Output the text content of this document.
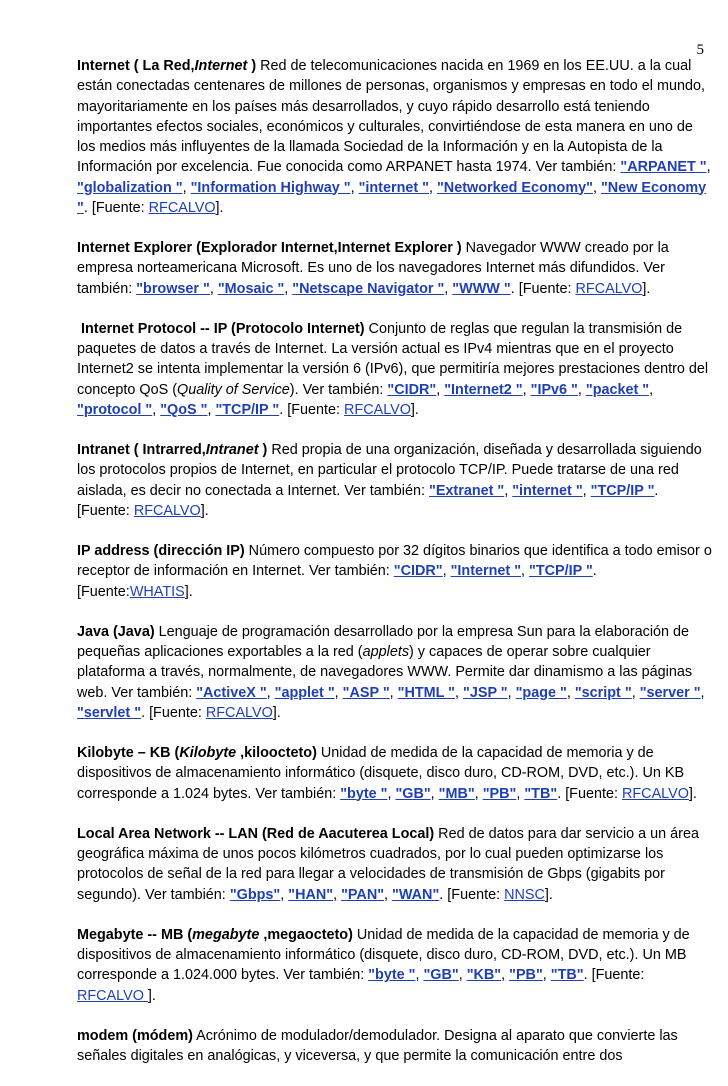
5

Internet ( La Red,Internet ) Red de telecomunicaciones nacida en 1969 en los EE.UU. a la cual están conectadas centenares de millones de personas, organismos y empresas en todo el mundo, mayoritariamente en los países más desarrollados, y cuyo rápido desarrollo está teniendo importantes efectos sociales, económicos y culturales, convirtiéndose de esta manera en uno de los medios más influyentes de la llamada Sociedad de la Información y en la Autopista de la Información por excelencia. Fue conocida como ARPANET hasta 1974. Ver también: "ARPANET ", "globalization ", "Information Highway ", "internet ", "Networked Economy", "New Economy ". [Fuente: RFCALVO].

Internet Explorer (Explorador Internet,Internet Explorer ) Navegador WWW creado por la empresa norteamericana Microsoft. Es uno de los navegadores Internet más difundidos. Ver también: "browser ", "Mosaic ", "Netscape Navigator ", "WWW ". [Fuente: RFCALVO].

Internet Protocol -- IP (Protocolo Internet) Conjunto de reglas que regulan la transmisión de paquetes de datos a través de Internet. La versión actual es IPv4 mientras que en el proyecto Internet2 se intenta implementar la versión 6 (IPv6), que permitiría mejores prestaciones dentro del concepto QoS (Quality of Service). Ver también: "CIDR", "Internet2 ", "IPv6 ", "packet ", "protocol ", "QoS ", "TCP/IP ". [Fuente: RFCALVO].

Intranet ( Intrarred,Intranet ) Red propia de una organización, diseñada y desarrollada siguiendo los protocolos propios de Internet, en particular el protocolo TCP/IP. Puede tratarse de una red aislada, es decir no conectada a Internet. Ver también: "Extranet ", "internet ", "TCP/IP ". [Fuente: RFCALVO].

IP address (dirección IP) Número compuesto por 32 dígitos binarios que identifica a todo emisor o receptor de información en Internet. Ver también: "CIDR", "Internet ", "TCP/IP ". [Fuente:WHATIS].

Java (Java) Lenguaje de programación desarrollado por la empresa Sun para la elaboración de pequeñas aplicaciones exportables a la red (applets) y capaces de operar sobre cualquier plataforma a través, normalmente, de navegadores WWW. Permite dar dinamismo a las páginas web. Ver también: "ActiveX ", "applet ", "ASP ", "HTML ", "JSP ", "page ", "script ", "server ", "servlet ". [Fuente: RFCALVO].

Kilobyte – KB (Kilobyte ,kiloocteto) Unidad de medida de la capacidad de memoria y de dispositivos de almacenamiento informático (disquete, disco duro, CD-ROM, DVD, etc.). Un KB corresponde a 1.024 bytes. Ver también: "byte ", "GB", "MB", "PB", "TB". [Fuente: RFCALVO].

Local Area Network -- LAN (Red de Aacuterea Local) Red de datos para dar servicio a un área geográfica máxima de unos pocos kilómetros cuadrados, por lo cual pueden optimizarse los protocolos de señal de la red para llegar a velocidades de transmisión de Gbps (gigabits por segundo). Ver también: "Gbps", "HAN", "PAN", "WAN". [Fuente: NNSC].

Megabyte -- MB (megabyte ,megaocteto) Unidad de medida de la capacidad de memoria y de dispositivos de almacenamiento informático (disquete, disco duro, CD-ROM, DVD, etc.). Un MB corresponde a 1.024.000 bytes. Ver también: "byte ", "GB", "KB", "PB", "TB". [Fuente: RFCALVO ].

modem (módem) Acrónimo de modulador/demodulador. Designa al aparato que convierte las señales digitales en analógicas, y viceversa, y que permite la comunicación entre dos
